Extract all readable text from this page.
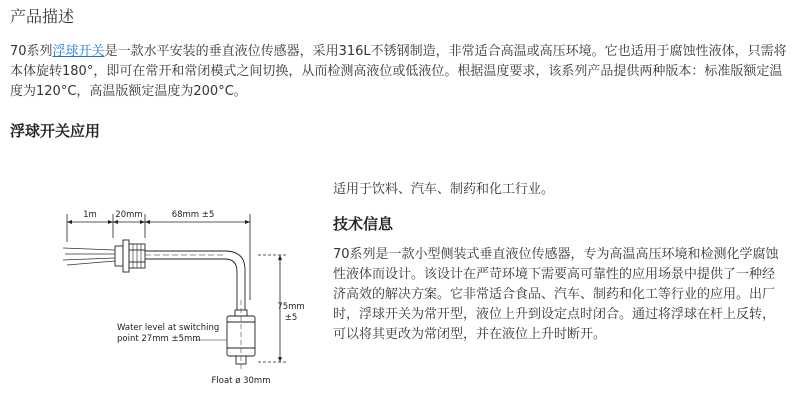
产品描述
70系列浮球开关是一款水平安装的垂直液位传感器，采用316L不锈钢制造，非常适合高温或高压环境。它也适用于腐蚀性液体，只需将本体旋转180°，即可在常开和常闭模式之间切换，从而检测高液位或低液位。根据温度要求，该系列产品提供两种版本：标准版额定温度为120°C，高温版额定温度为200°C。
浮球开关应用
1m 20mm	68mm ±5
75mm
±5
Water level at switching
point 27mm ±5mm
Float ø 30mm
适用于饮料、汽车、制药和化工行业。
技术信息
70系列是一款小型侧装式垂直液位传感器，专为高温高压环境和检测化学腐蚀性液体而设计。该设计在严苛环境下需要高可靠性的应用场景中提供了一种经济高效的解决方案。它非常适合食品、汽车、制药和化工等行业的应用。出厂时，浮球开关为常开型，液位上升到设定点时闭合。通过将浮球在杆上反转，可以将其更改为常闭型，并在液位上升时断开。
